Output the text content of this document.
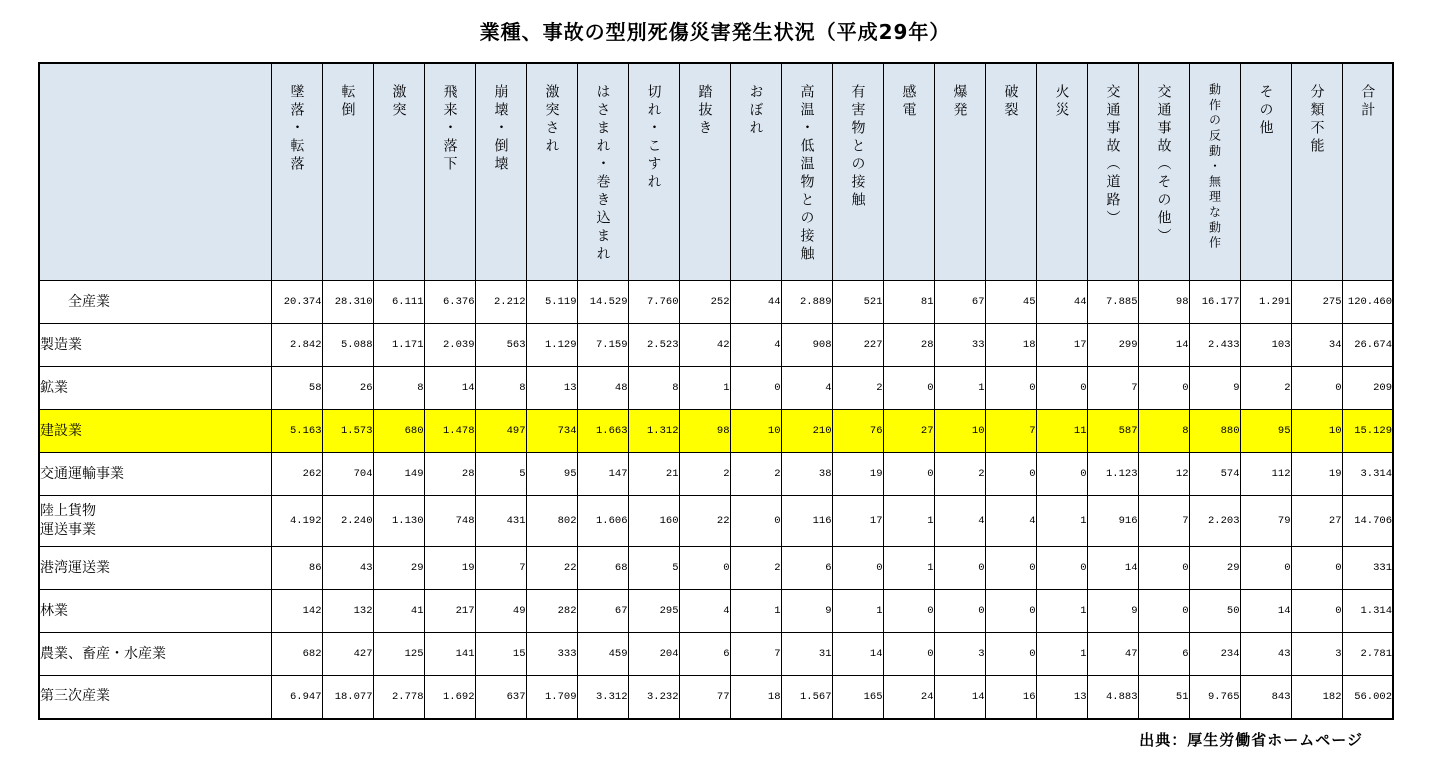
業種、事故の型別死傷災害発生状況（平成29年）
	墜落・転落	転倒	激突	飛来・落下	崩壊・倒壊	激突され	はさまれ・巻き込まれ	切れ・こすれ	踏抜き	おぼれ	高温・低温物との接触	有害物との接触	感電	爆発	破裂	火災	交通事故（道路）	交通事故（その他）	動作の反動・無理な動作	その他	分類不能	合計
全産業	20.374	28.310	6.111	6.376	2.212	5.119	14.529	7.760	252	44	2.889	521	81	67	45	44	7.885	98	16.177	1.291	275	120.460
製造業	2.842	5.088	1.171	2.039	563	1.129	7.159	2.523	42	4	908	227	28	33	18	17	299	14	2.433	103	34	26.674
鉱業	58	26	8	14	8	13	48	8	1	0	4	2	0	1	0	0	7	0	9	2	0	209
建設業	5.163	1.573	680	1.478	497	734	1.663	1.312	98	10	210	76	27	10	7	11	587	8	880	95	10	15.129
交通運輸事業	262	704	149	28	5	95	147	21	2	2	38	19	0	2	0	0	1.123	12	574	112	19	3.314
陸上貨物
運送事業	4.192	2.240	1.130	748	431	802	1.606	160	22	0	116	17	1	4	4	1	916	7	2.203	79	27	14.706
港湾運送業	86	43	29	19	7	22	68	5	0	2	6	0	1	0	0	0	14	0	29	0	0	331
林業	142	132	41	217	49	282	67	295	4	1	9	1	0	0	0	1	9	0	50	14	0	1.314
農業、畜産・水産業	682	427	125	141	15	333	459	204	6	7	31	14	0	3	0	1	47	6	234	43	3	2.781
第三次産業	6.947	18.077	2.778	1.692	637	1.709	3.312	3.232	77	18	1.567	165	24	14	16	13	4.883	51	9.765	843	182	56.002
出典：厚生労働省ホームページ
